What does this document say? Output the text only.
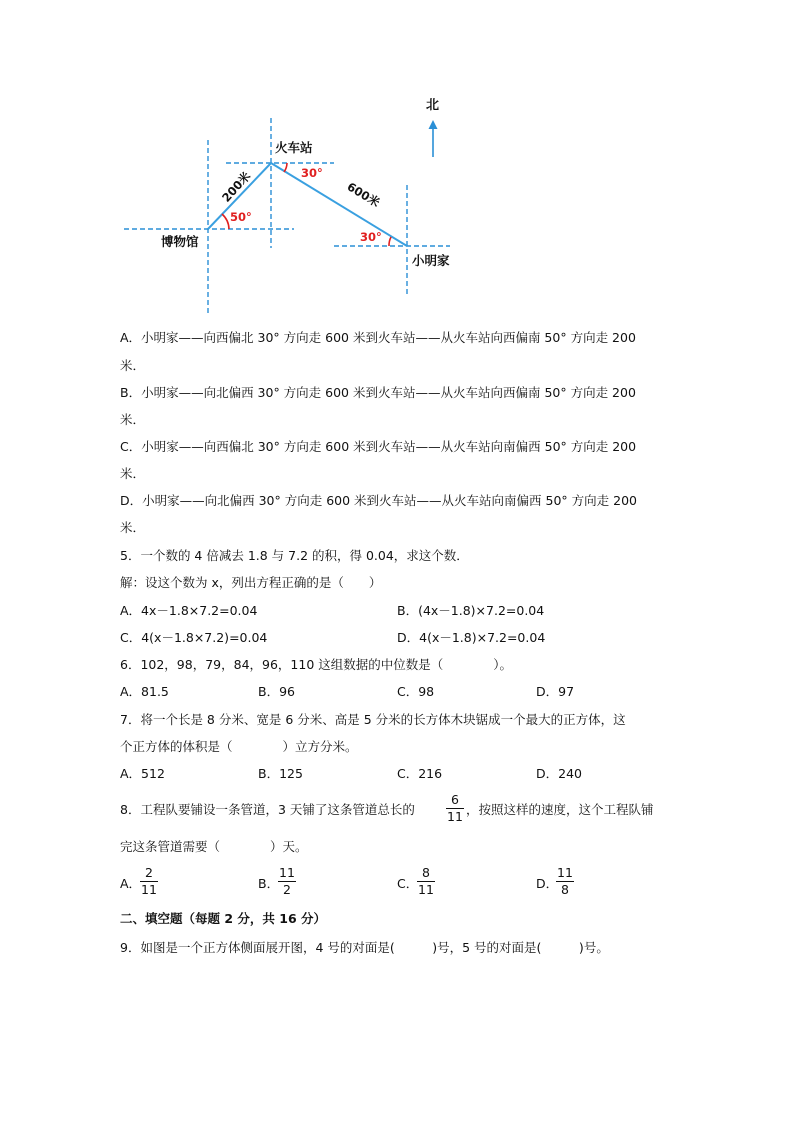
北
火车站
博物馆
小明家
200米	600米
50°
30°
30°
A．小明家——向西偏北 30° 方向走 600 米到火车站——从火车站向西偏南 50° 方向走 200
米．
B．小明家——向北偏西 30° 方向走 600 米到火车站——从火车站向西偏南 50° 方向走 200
米．
C．小明家——向西偏北 30° 方向走 600 米到火车站——从火车站向南偏西 50° 方向走 200
米．
D．小明家——向北偏西 30° 方向走 600 米到火车站——从火车站向南偏西 50° 方向走 200
米．
5．一个数的 4 倍减去 1.8 与 7.2 的积，得 0.04，求这个数．
解：设这个数为 x，列出方程正确的是（　　）
A．4x－1.8×7.2=0.04	B．(4x－1.8)×7.2=0.04
C．4(x－1.8×7.2)=0.04	D．4(x－1.8)×7.2=0.04
6．102，98，79，84，96，110 这组数据的中位数是（　　　　）。
A．81.5	B．96	C．98	D．97
7．将一个长是 8 分米、宽是 6 分米、高是 5 分米的长方体木块锯成一个最大的正方体，这
个正方体的体积是（　　　　）立方分米。
A．512	B．125	C．216	D．240
8．工程队要铺设一条管道，3 天铺了这条管道总长的 $\frac{6}{11}$ ，按照这样的速度，这个工程队铺
完这条管道需要（　　　　）天。
A．
$\frac{2}{11}$	B．
$\frac{11}{2}$	C．
$\frac{8}{11}$	D．
$\frac{11}{8}$
二、填空题（每题 2 分，共 16 分）
9．如图是一个正方体侧面展开图，4 号的对面是(　　　)号，5 号的对面是(　　　)号。
